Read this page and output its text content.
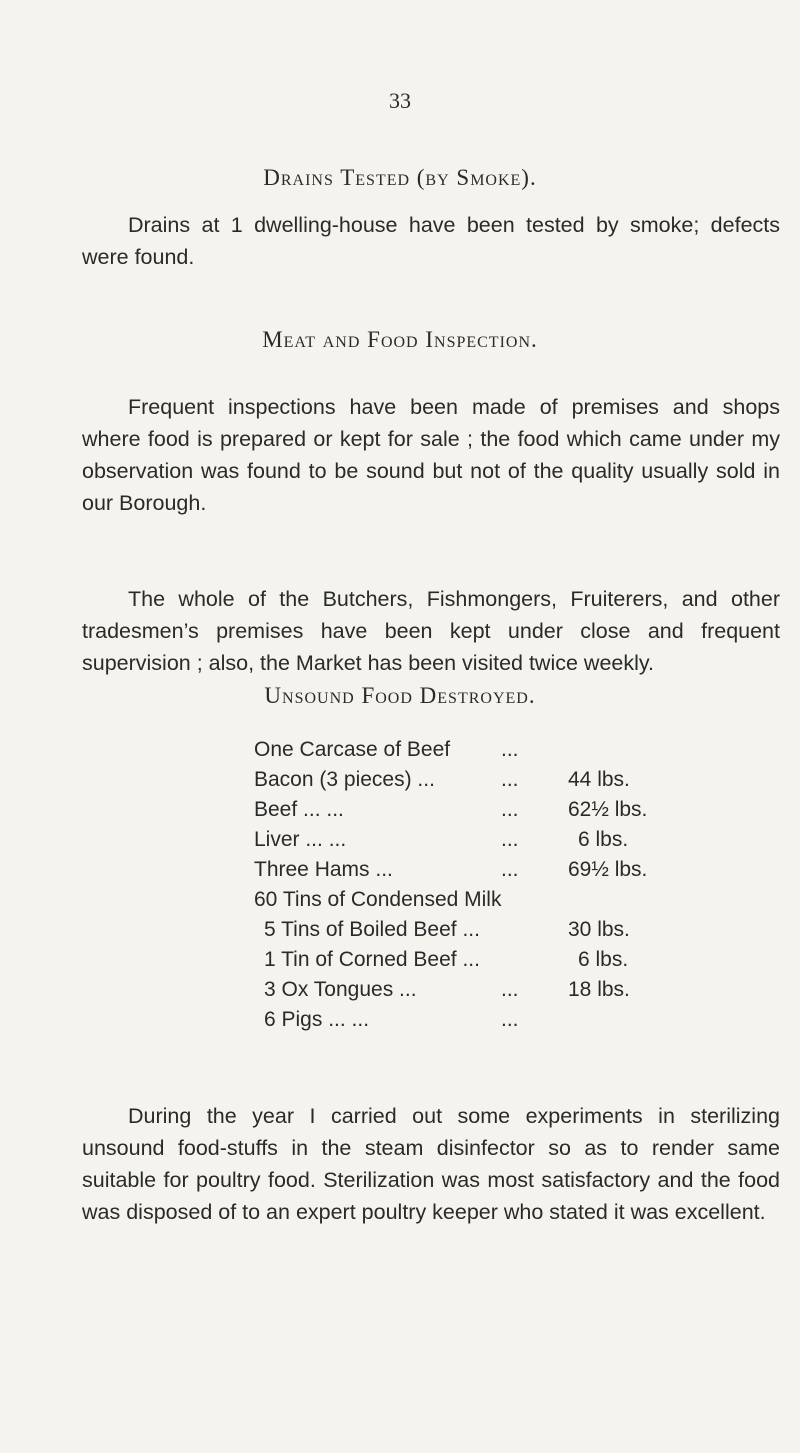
33
Drains Tested (by Smoke).

Drains at 1 dwelling-house have been tested by smoke; defects were found.

Meat and Food Inspection.

Frequent inspections have been made of premises and shops where food is prepared or kept for sale ; the food which came under my observation was found to be sound but not of the quality usually sold in our Borough.

The whole of the Butchers, Fishmongers, Fruiterers, and other tradesmen’s premises have been kept under close and frequent supervision ; also, the Market has been visited twice weekly.

Unsound Food Destroyed.
One Carcase of Beef ...
Bacon (3 pieces) ...	...	44 lbs.
Beef ... ...	...	62½ lbs.
Liver ... ...	...	6 lbs.
Three Hams ...	...	69½ lbs.
60 Tins of Condensed Milk
5 Tins of Boiled Beef ...	30 lbs.
1 Tin of Corned Beef ...	6 lbs.
3 Ox Tongues ...	...	18 lbs.
6 Pigs ... ...	...

During the year I carried out some experiments in sterilizing unsound food-stuffs in the steam disinfector so as to render same suitable for poultry food. Sterilization was most satisfactory and the food was disposed of to an expert poultry keeper who stated it was excellent.
